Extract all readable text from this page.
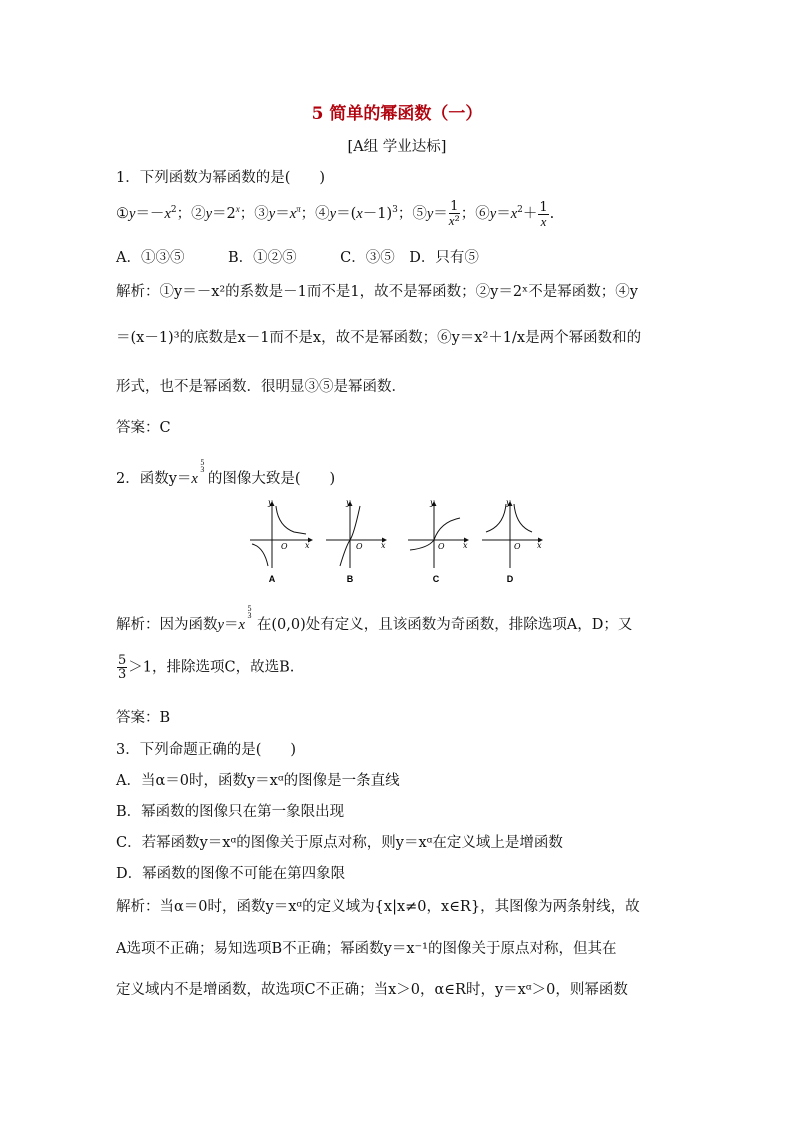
5 简单的幂函数（一）
[A组 学业达标]
1．下列函数为幂函数的是(　　)
$①y=-x^2$；$②y=2^x$；$③y=x^\pi$；$④y=(x-1)^3$；⑤y＝ $\frac{1}{\text{x²}}$ ；$⑥y=x^2+ \frac{1}{x}$ .
A．①③⑤　　　B．①②⑤　　　C．③⑤　D．只有⑤
解析：①y＝－x²的系数是－1而不是1，故不是幂函数；②y＝2ˣ不是幂函数；④y
＝(x－1)³的底数是x－1而不是x，故不是幂函数；⑥y＝x²＋1/x是两个幂函数和的
形式，也不是幂函数．很明显③⑤是幂函数．
答案：C
2．函数y＝x
5
3
的图像大致是(　　)
y
x
O
A
y
x
O
B
y
x
O
C
y
x
O
D
解析：因为函数y＝x
5
3
在(0,0)处有定义，且该函数为奇函数，排除选项A，D；又
$\frac{5}{3} >1$，排除选项C，故选B.
答案：B
3．下列命题正确的是(　　)
A．当α＝0时，函数y＝xᵅ的图像是一条直线
B．幂函数的图像只在第一象限出现
C．若幂函数y＝xᵅ的图像关于原点对称，则y＝xᵅ在定义域上是增函数
D．幂函数的图像不可能在第四象限
解析：当α＝0时，函数y＝xᵅ的定义域为{x|x≠0，x∈R}，其图像为两条射线，故
A选项不正确；易知选项B不正确；幂函数y＝x⁻¹的图像关于原点对称，但其在
定义域内不是增函数，故选项C不正确；当x＞0，α∈R时，y＝xᵅ＞0，则幂函数
